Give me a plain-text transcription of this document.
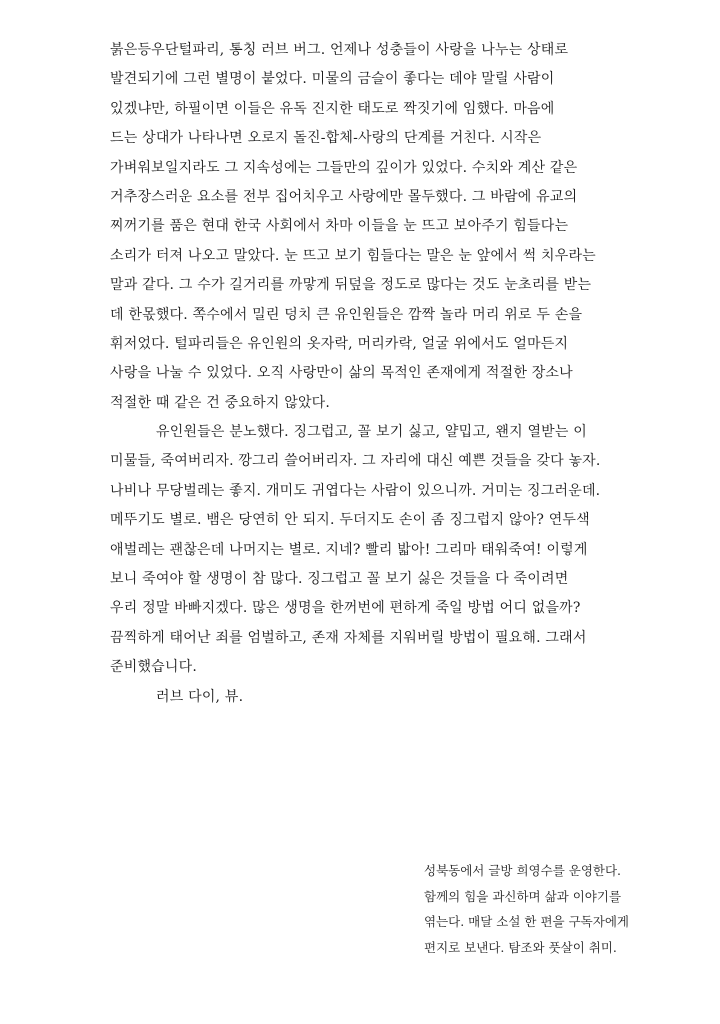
붉은등우단털파리, 통칭 러브 버그. 언제나 성충들이 사랑을 나누는 상태로
발견되기에 그런 별명이 붙었다. 미물의 금슬이 좋다는 데야 말릴 사람이
있겠냐만, 하필이면 이들은 유독 진지한 태도로 짝짓기에 임했다. 마음에
드는 상대가 나타나면 오로지 돌진-합체-사랑의 단계를 거친다. 시작은
가벼워보일지라도 그 지속성에는 그들만의 깊이가 있었다. 수치와 계산 같은
거추장스러운 요소를 전부 집어치우고 사랑에만 몰두했다. 그 바람에 유교의
찌꺼기를 품은 현대 한국 사회에서 차마 이들을 눈 뜨고 보아주기 힘들다는
소리가 터져 나오고 말았다. 눈 뜨고 보기 힘들다는 말은 눈 앞에서 썩 치우라는
말과 같다. 그 수가 길거리를 까맣게 뒤덮을 정도로 많다는 것도 눈초리를 받는
데 한몫했다. 쪽수에서 밀린 덩치 큰 유인원들은 깜짝 놀라 머리 위로 두 손을
휘저었다. 털파리들은 유인원의 옷자락, 머리카락, 얼굴 위에서도 얼마든지
사랑을 나눌 수 있었다. 오직 사랑만이 삶의 목적인 존재에게 적절한 장소나
적절한 때 같은 건 중요하지 않았다.
유인원들은 분노했다. 징그럽고, 꼴 보기 싫고, 얄밉고, 왠지 열받는 이
미물들, 죽여버리자. 깡그리 쓸어버리자. 그 자리에 대신 예쁜 것들을 갖다 놓자.
나비나 무당벌레는 좋지. 개미도 귀엽다는 사람이 있으니까. 거미는 징그러운데.
메뚜기도 별로. 뱀은 당연히 안 되지. 두더지도 손이 좀 징그럽지 않아? 연두색
애벌레는 괜찮은데 나머지는 별로. 지네? 빨리 밟아! 그리마 태워죽여! 이렇게
보니 죽여야 할 생명이 참 많다. 징그럽고 꼴 보기 싫은 것들을 다 죽이려면
우리 정말 바빠지겠다. 많은 생명을 한꺼번에 편하게 죽일 방법 어디 없을까?
끔찍하게 태어난 죄를 엄벌하고, 존재 자체를 지워버릴 방법이 필요해. 그래서
준비했습니다.
러브 다이, 뷰.
성북동에서 글방 희영수를 운영한다.
함께의 힘을 과신하며 삶과 이야기를
엮는다. 매달 소설 한 편을 구독자에게
편지로 보낸다. 탐조와 풋살이 취미.
